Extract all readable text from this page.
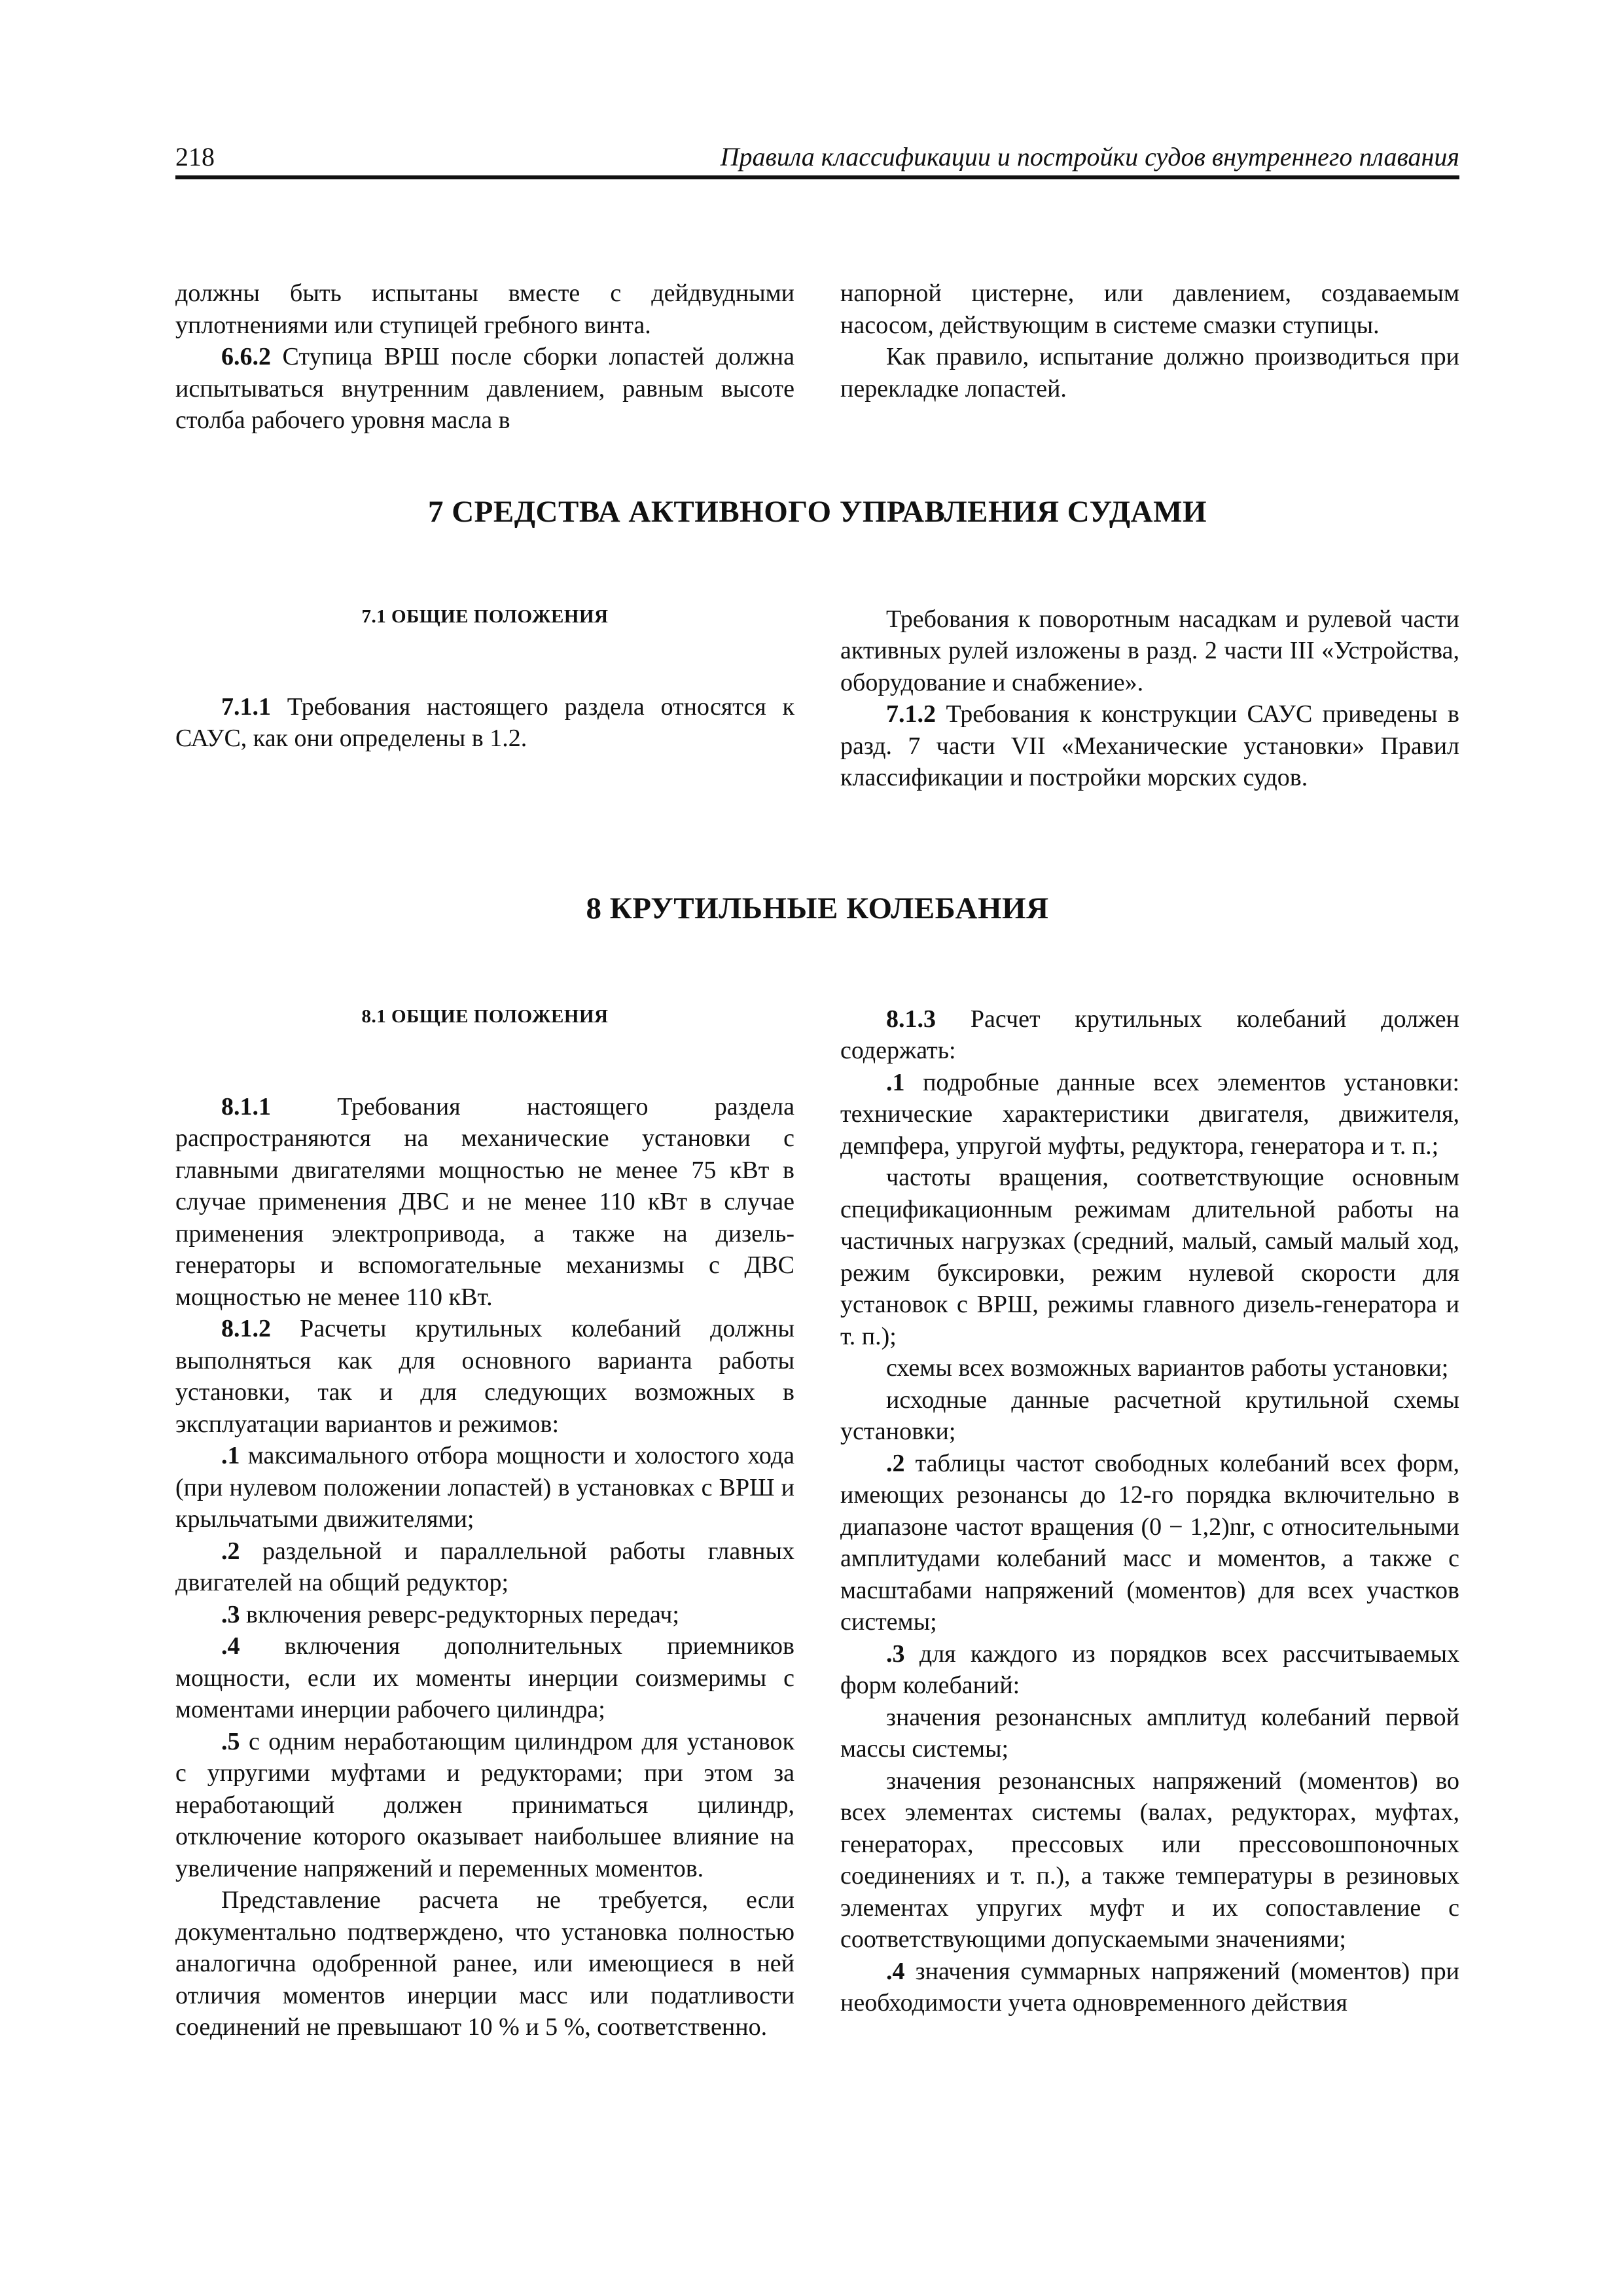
218	Правила классификации и постройки судов внутреннего плавания

должны быть испытаны вместе с дейдвудными уплотнениями или ступицей гребного винта.

6.6.2 Ступица ВРШ после сборки лопастей должна испытываться внутренним давлением, равным высоте столба рабочего уровня масла в

напорной цистерне, или давлением, создаваемым насосом, действующим в системе смазки ступицы.

Как правило, испытание должно производиться при перекладке лопастей.

7 СРЕДСТВА АКТИВНОГО УПРАВЛЕНИЯ СУДАМИ
7.1 ОБЩИЕ ПОЛОЖЕНИЯ

7.1.1 Требования настоящего раздела относятся к САУС, как они определены в 1.2.

Требования к поворотным насадкам и рулевой части активных рулей изложены в разд. 2 части III «Устройства, оборудование и снабжение».

7.1.2 Требования к конструкции САУС приведены в разд. 7 части VII «Механические установки» Правил классификации и постройки морских судов.

8 КРУТИЛЬНЫЕ КОЛЕБАНИЯ
8.1 ОБЩИЕ ПОЛОЖЕНИЯ

8.1.1 Требования настоящего раздела распространяются на механические установки с главными двигателями мощностью не менее 75 кВт в случае применения ДВС и не менее 110 кВт в случае применения электропривода, а также на дизель-генераторы и вспомогательные механизмы с ДВС мощностью не менее 110 кВт.

8.1.2 Расчеты крутильных колебаний должны выполняться как для основного варианта работы установки, так и для следующих возможных в эксплуатации вариантов и режимов:

.1 максимального отбора мощности и холостого хода (при нулевом положении лопастей) в установках с ВРШ и крыльчатыми движителями;

.2 раздельной и параллельной работы главных двигателей на общий редуктор;

.3 включения реверс-редукторных передач;

.4 включения дополнительных приемников мощности, если их моменты инерции соизмеримы с моментами инерции рабочего цилиндра;

.5 с одним неработающим цилиндром для установок с упругими муфтами и редукторами; при этом за неработающий должен приниматься цилиндр, отключение которого оказывает наибольшее влияние на увеличение напряжений и переменных моментов.

Представление расчета не требуется, если документально подтверждено, что установка полностью аналогична одобренной ранее, или имеющиеся в ней отличия моментов инерции масс или податливости соединений не превышают 10 % и 5 %, соответственно.

8.1.3 Расчет крутильных колебаний должен содержать:

.1 подробные данные всех элементов установки: технические характеристики двигателя, движителя, демпфера, упругой муфты, редуктора, генератора и т. п.;

частоты вращения, соответствующие основным спецификационным режимам длительной работы на частичных нагрузках (средний, малый, самый малый ход, режим буксировки, режим нулевой скорости для установок с ВРШ, режимы главного дизель-генератора и т. п.);

схемы всех возможных вариантов работы установки;

исходные данные расчетной крутильной схемы установки;

.2 таблицы частот свободных колебаний всех форм, имеющих резонансы до 12-го порядка включительно в диапазоне частот вращения (0 − 1,2)nr, с относительными амплитудами колебаний масс и моментов, а также с масштабами напряжений (моментов) для всех участков системы;

.3 для каждого из порядков всех рассчитываемых форм колебаний:

значения резонансных амплитуд колебаний первой массы системы;

значения резонансных напряжений (моментов) во всех элементах системы (валах, редукторах, муфтах, генераторах, прессовых или прессовошпоночных соединениях и т. п.), а также температуры в резиновых элементах упругих муфт и их сопоставление с соответствующими допускаемыми значениями;

.4 значения суммарных напряжений (моментов) при необходимости учета одновременного действия
